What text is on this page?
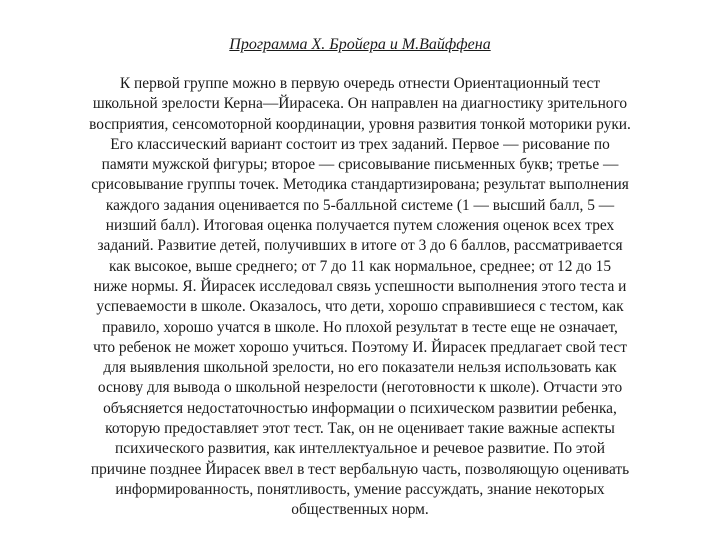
Программа Х. Бройера и М.Вайффена
К первой группе можно в первую очередь отнести Ориентационный тест
школьной зрелости Керна—Йирасека. Он направлен на диагностику зрительного
восприятия, сенсомоторной координации, уровня развития тонкой моторики руки.
Его классический вариант состоит из трех заданий. Первое — рисование по
памяти мужской фигуры; второе — срисовывание письменных букв; третье —
срисовывание группы точек. Методика стандартизирована; результат выполнения
каждого задания оценивается по 5-балльной системе (1 — высший балл, 5 —
низший балл). Итоговая оценка получается путем сложения оценок всех трех
заданий. Развитие детей, получивших в итоге от 3 до 6 баллов, рассматривается
как высокое, выше среднего; от 7 до 11 как нормальное, среднее; от 12 до 15
ниже нормы. Я. Йирасек исследовал связь успешности выполнения этого теста и
успеваемости в школе. Оказалось, что дети, хорошо справившиеся с тестом, как
правило, хорошо учатся в школе. Но плохой результат в тесте еще не означает,
что ребенок не может хорошо учиться. Поэтому И. Йирасек предлагает свой тест
для выявления школьной зрелости, но его показатели нельзя использовать как
основу для вывода о школьной незрелости (неготовности к школе). Отчасти это
объясняется недостаточностью информации о психическом развитии ребенка,
которую предоставляет этот тест. Так, он не оценивает такие важные аспекты
психического развития, как интеллектуальное и речевое развитие. По этой
причине позднее Йирасек ввел в тест вербальную часть, позволяющую оценивать
информированность, понятливость, умение рассуждать, знание некоторых
общественных норм.
